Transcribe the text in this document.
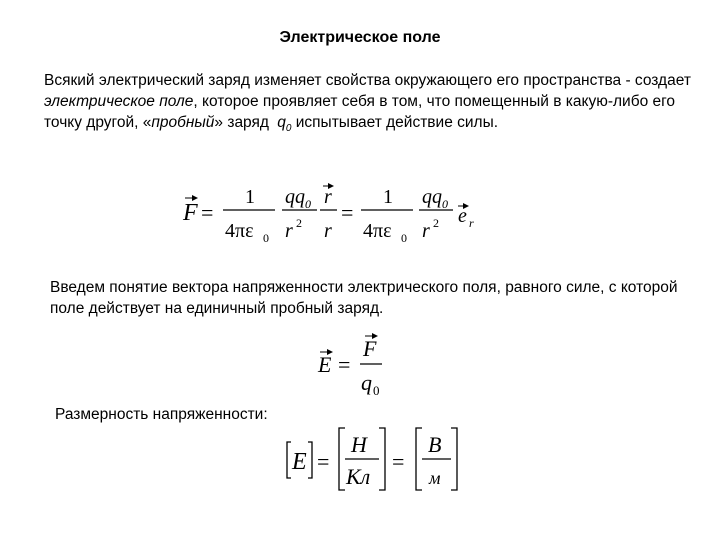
Электрическое поле
Всякий электрический заряд изменяет свойства окружающего его пространства - создает электрическое поле, которое проявляет себя в том, что помещенный в какую-либо его точку другой, «пробный» заряд $q_0$ испытывает действие силы.
F =
1
4πε 0
qq 0
r 2
r
r
=
1
4πε 0
qq 0
r 2 e r
Введем понятие вектора напряженности электрического поля, равного силе, с которой поле действует на единичный пробный заряд.
E =
F
q 0
Размерность напряженности:
E =
Н
Кл
=
В
м
